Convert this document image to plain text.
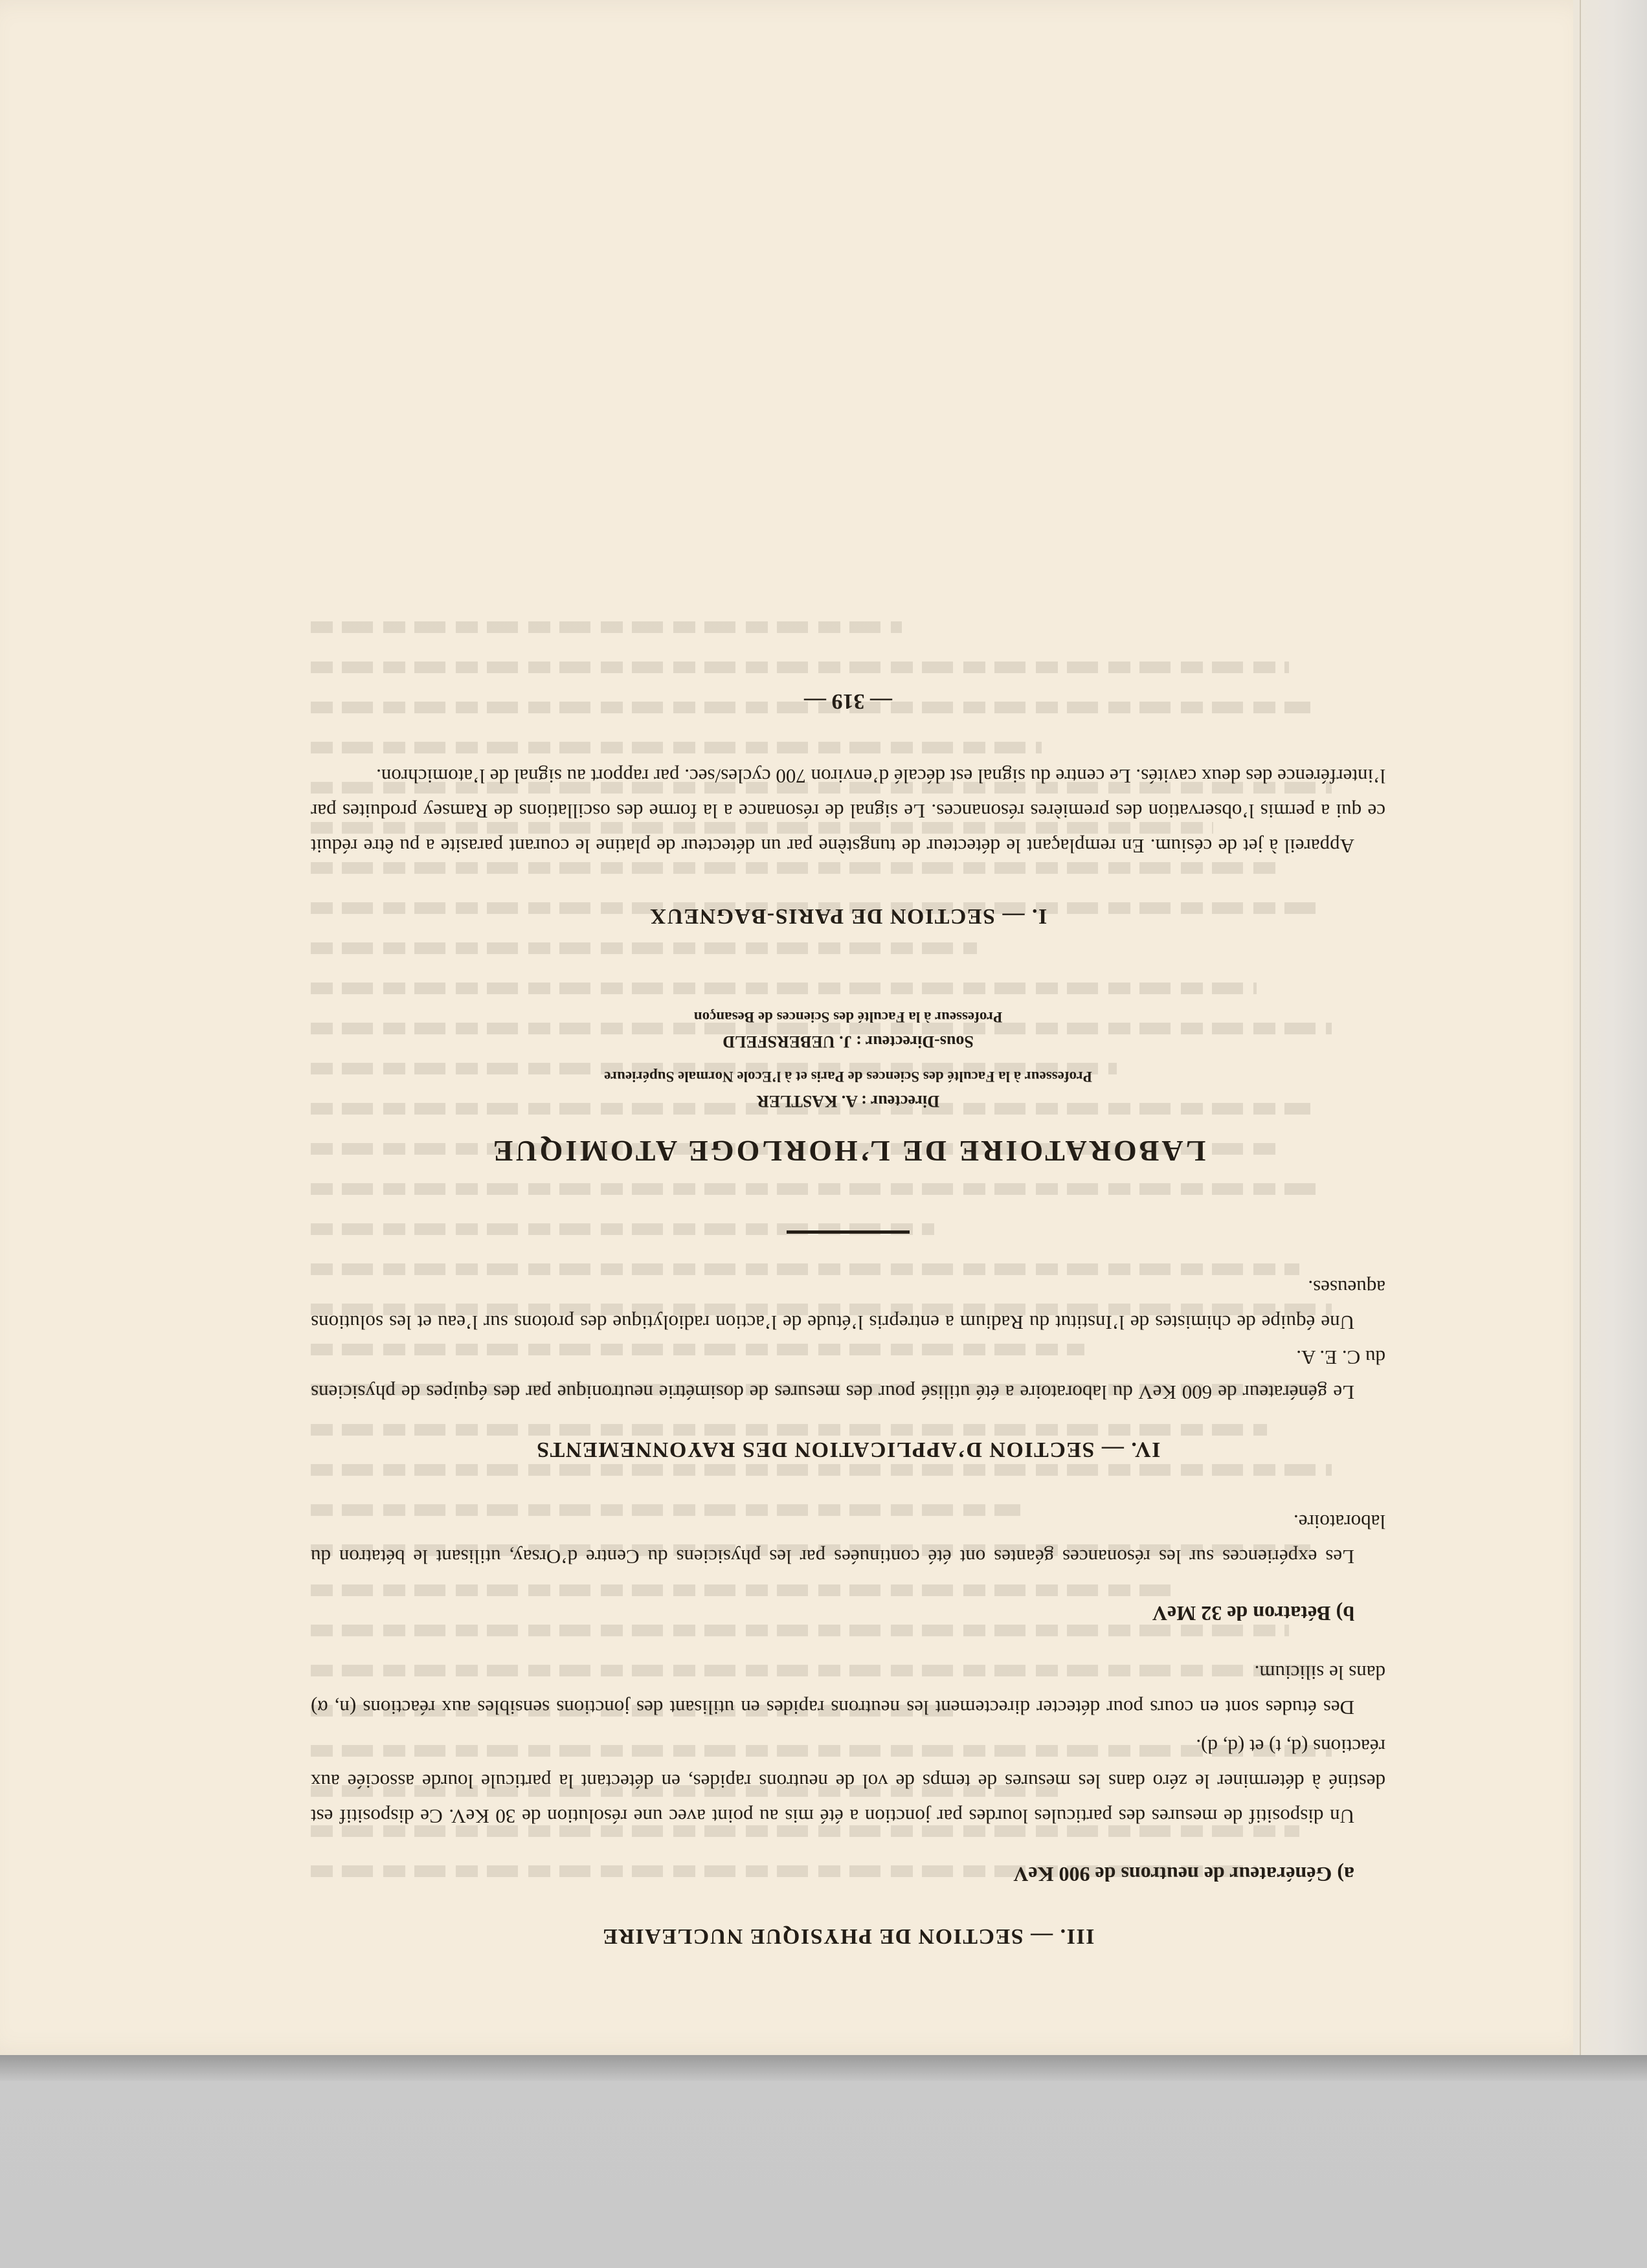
III. — SECTION DE PHYSIQUE NUCLEAIRE

a) Générateur de neutrons de 900 KeV

Un dispositif de mesures des particules lourdes par jonction a été mis au point avec une résolution de 30 KeV. Ce dispositif est destiné à déterminer le zéro dans les mesures de temps de vol de neutrons rapides, en détectant la particule lourde associée aux réactions (d, t) et (d, d).

Des études sont en cours pour détecter directement les neutrons rapides en utilisant des jonctions sensibles aux réactions (n, α) dans le silicium.

b) Bétatron de 32 MeV

Les expériences sur les résonances géantes ont été continuées par les physiciens du Centre d’Orsay, utilisant le bétatron du laboratoire.

IV. — SECTION D’APPLICATION DES RAYONNEMENTS

Le générateur de 600 KeV du laboratoire a été utilisé pour des mesures de dosimétrie neutronique par des équipes de physiciens du C. E. A.

Une équipe de chimistes de l’Institut du Radium a entrepris l’étude de l’action radiolytique des protons sur l’eau et les solutions aqueuses.

LABORATOIRE DE L’HORLOGE ATOMIQUE

Directeur : A. KASTLER

Professeur à la Faculté des Sciences de Paris et à l’Ecole Normale Supérieure

Sous-Directeur : J. UEBERSFELD

Professeur à la Faculté des Sciences de Besançon

I. — SECTION DE PARIS-BAGNEUX

Appareil à jet de césium. En remplaçant le détecteur de tungstène par un détecteur de platine le courant parasite a pu être réduit ce qui a permis l’observation des premières résonances. Le signal de résonance a la forme des oscillations de Ramsey produites par l’interférence des deux cavités. Le centre du signal est décalé d’environ 700 cycles/sec. par rapport au signal de l’atomichron.

— 319 —
